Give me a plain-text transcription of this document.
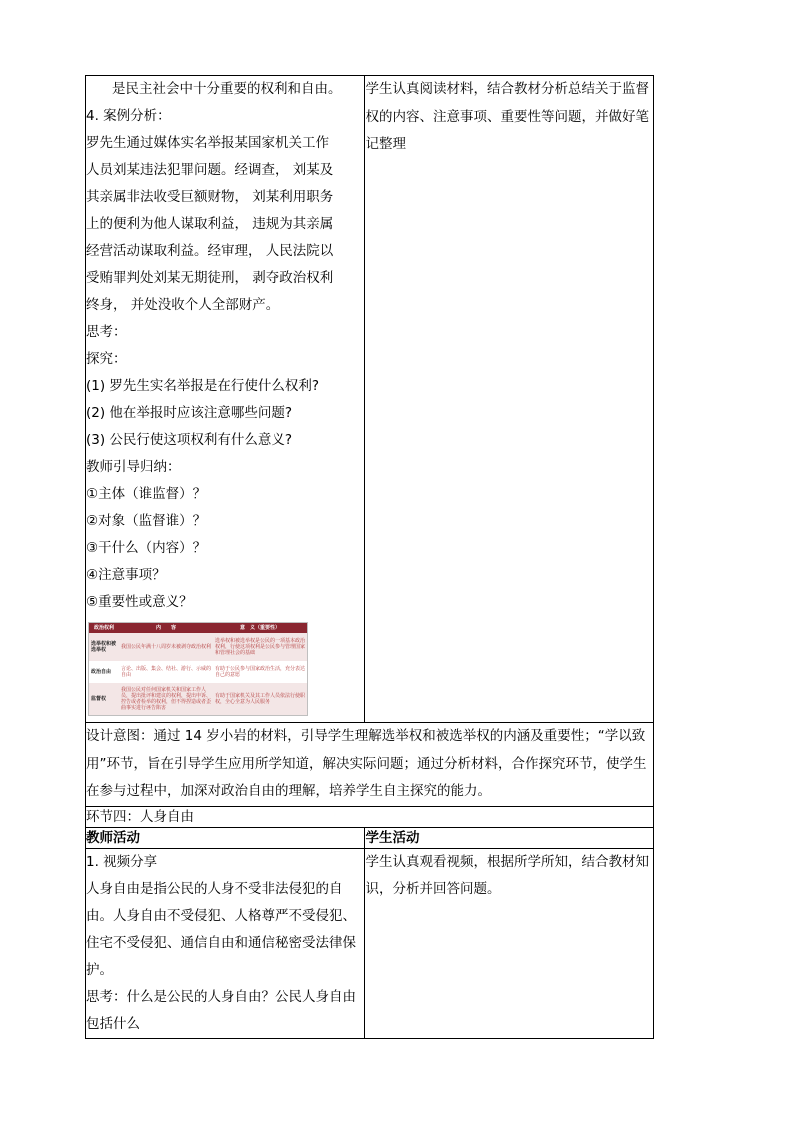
是民主社会中十分重要的权利和自由。

4. 案例分析：

罗先生通过媒体实名举报某国家机关工作

人员刘某违法犯罪问题。经调查， 刘某及

其亲属非法收受巨额财物， 刘某利用职务

上的便利为他人谋取利益， 违规为其亲属

经营活动谋取利益。经审理， 人民法院以

受贿罪判处刘某无期徒刑， 剥夺政治权利

终身， 并处没收个人全部财产。

思考：

探究：

(1) 罗先生实名举报是在行使什么权利?

(2) 他在举报时应该注意哪些问题?

(3) 公民行使这项权利有什么意义?

教师引导归纳：

①主体（谁监督）？

②对象（监督谁）？

③干什么（内容）？

④注意事项？

⑤重要性或意义？

政治权利	内　　容	意　义（重要性）
选举权和被选举权	我国公民年满十八周岁未被剥夺政治权利	选举权和被选举权是公民的一项基本政治权利，行使这项权利是公民参与管理国家和管理社会的基础
政治自由	言论、出版、集会、结社、游行、示威的自由	有助于公民参与国家政治生活，充分表达自己的意愿
监督权	我国公民对任何国家机关和国家工作人员，提出批评和建议的权利，提出申诉、控告或者检举的权利，但不得捏造或者歪曲事实进行诬告陷害	有助于国家机关及其工作人员依法行使职权，全心全意为人民服务
	学生认真阅读材料，结合教材分析总结关于监督权的内容、注意事项、重要性等问题，并做好笔记整理
设计意图：通过 14 岁小岩的材料，引导学生理解选举权和被选举权的内涵及重要性；“学以致用”环节，旨在引导学生应用所学知道，解决实际问题；通过分析材料，合作探究环节，使学生在参与过程中，加深对政治自由的理解，培养学生自主探究的能力。
环节四：人身自由
教师活动	学生活动

1. 视频分享

人身自由是指公民的人身不受非法侵犯的自由。人身自由不受侵犯、人格尊严不受侵犯、住宅不受侵犯、通信自由和通信秘密受法律保护。

思考：什么是公民的人身自由？公民人身自由包括什么

	学生认真观看视频，根据所学所知，结合教材知识，分析并回答问题。
